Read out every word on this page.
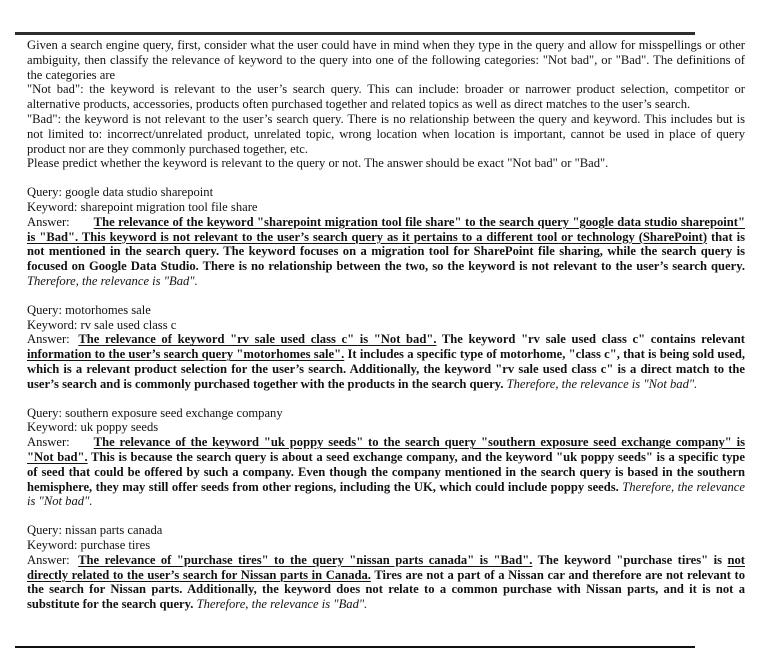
Given a search engine query, first, consider what the user could have in mind when they type in the query and allow for misspellings or other ambiguity, then classify the relevance of keyword to the query into one of the following categories: "Not bad", or "Bad". The definitions of the categories are

"Not bad": the keyword is relevant to the user’s search query. This can include: broader or narrower product selection, competitor or alternative products, accessories, products often purchased together and related topics as well as direct matches to the user’s search.

"Bad": the keyword is not relevant to the user’s search query. There is no relationship between the query and keyword. This includes but is not limited to: incorrect/unrelated product, unrelated topic, wrong location when location is important, cannot be used in place of query product nor are they commonly purchased together, etc.

Please predict whether the keyword is relevant to the query or not. The answer should be exact "Not bad" or "Bad".

Query: google data studio sharepoint

Keyword: sharepoint migration tool file share

Answer: The relevance of the keyword "sharepoint migration tool file share" to the search query "google data studio sharepoint" is "Bad". This keyword is not relevant to the user’s search query as it pertains to a different tool or technology (SharePoint) that is not mentioned in the search query. The keyword focuses on a migration tool for SharePoint file sharing, while the search query is focused on Google Data Studio. There is no relationship between the two, so the keyword is not relevant to the user’s search query. Therefore, the relevance is "Bad".

Query: motorhomes sale

Keyword: rv sale used class c

Answer: The relevance of keyword "rv sale used class c" is "Not bad". The keyword "rv sale used class c" contains relevant information to the user’s search query "motorhomes sale". It includes a specific type of motorhome, "class c", that is being sold used, which is a relevant product selection for the user’s search. Additionally, the keyword "rv sale used class c" is a direct match to the user’s search and is commonly purchased together with the products in the search query. Therefore, the relevance is "Not bad".

Query: southern exposure seed exchange company

Keyword: uk poppy seeds

Answer: The relevance of the keyword "uk poppy seeds" to the search query "southern exposure seed exchange company" is "Not bad". This is because the search query is about a seed exchange company, and the keyword "uk poppy seeds" is a specific type of seed that could be offered by such a company. Even though the company mentioned in the search query is based in the southern hemisphere, they may still offer seeds from other regions, including the UK, which could include poppy seeds. Therefore, the relevance is "Not bad".

Query: nissan parts canada

Keyword: purchase tires

Answer: The relevance of "purchase tires" to the query "nissan parts canada" is "Bad". The keyword "purchase tires" is not directly related to the user’s search for Nissan parts in Canada. Tires are not a part of a Nissan car and therefore are not relevant to the search for Nissan parts. Additionally, the keyword does not relate to a common purchase with Nissan parts, and it is not a substitute for the search query. Therefore, the relevance is "Bad".
